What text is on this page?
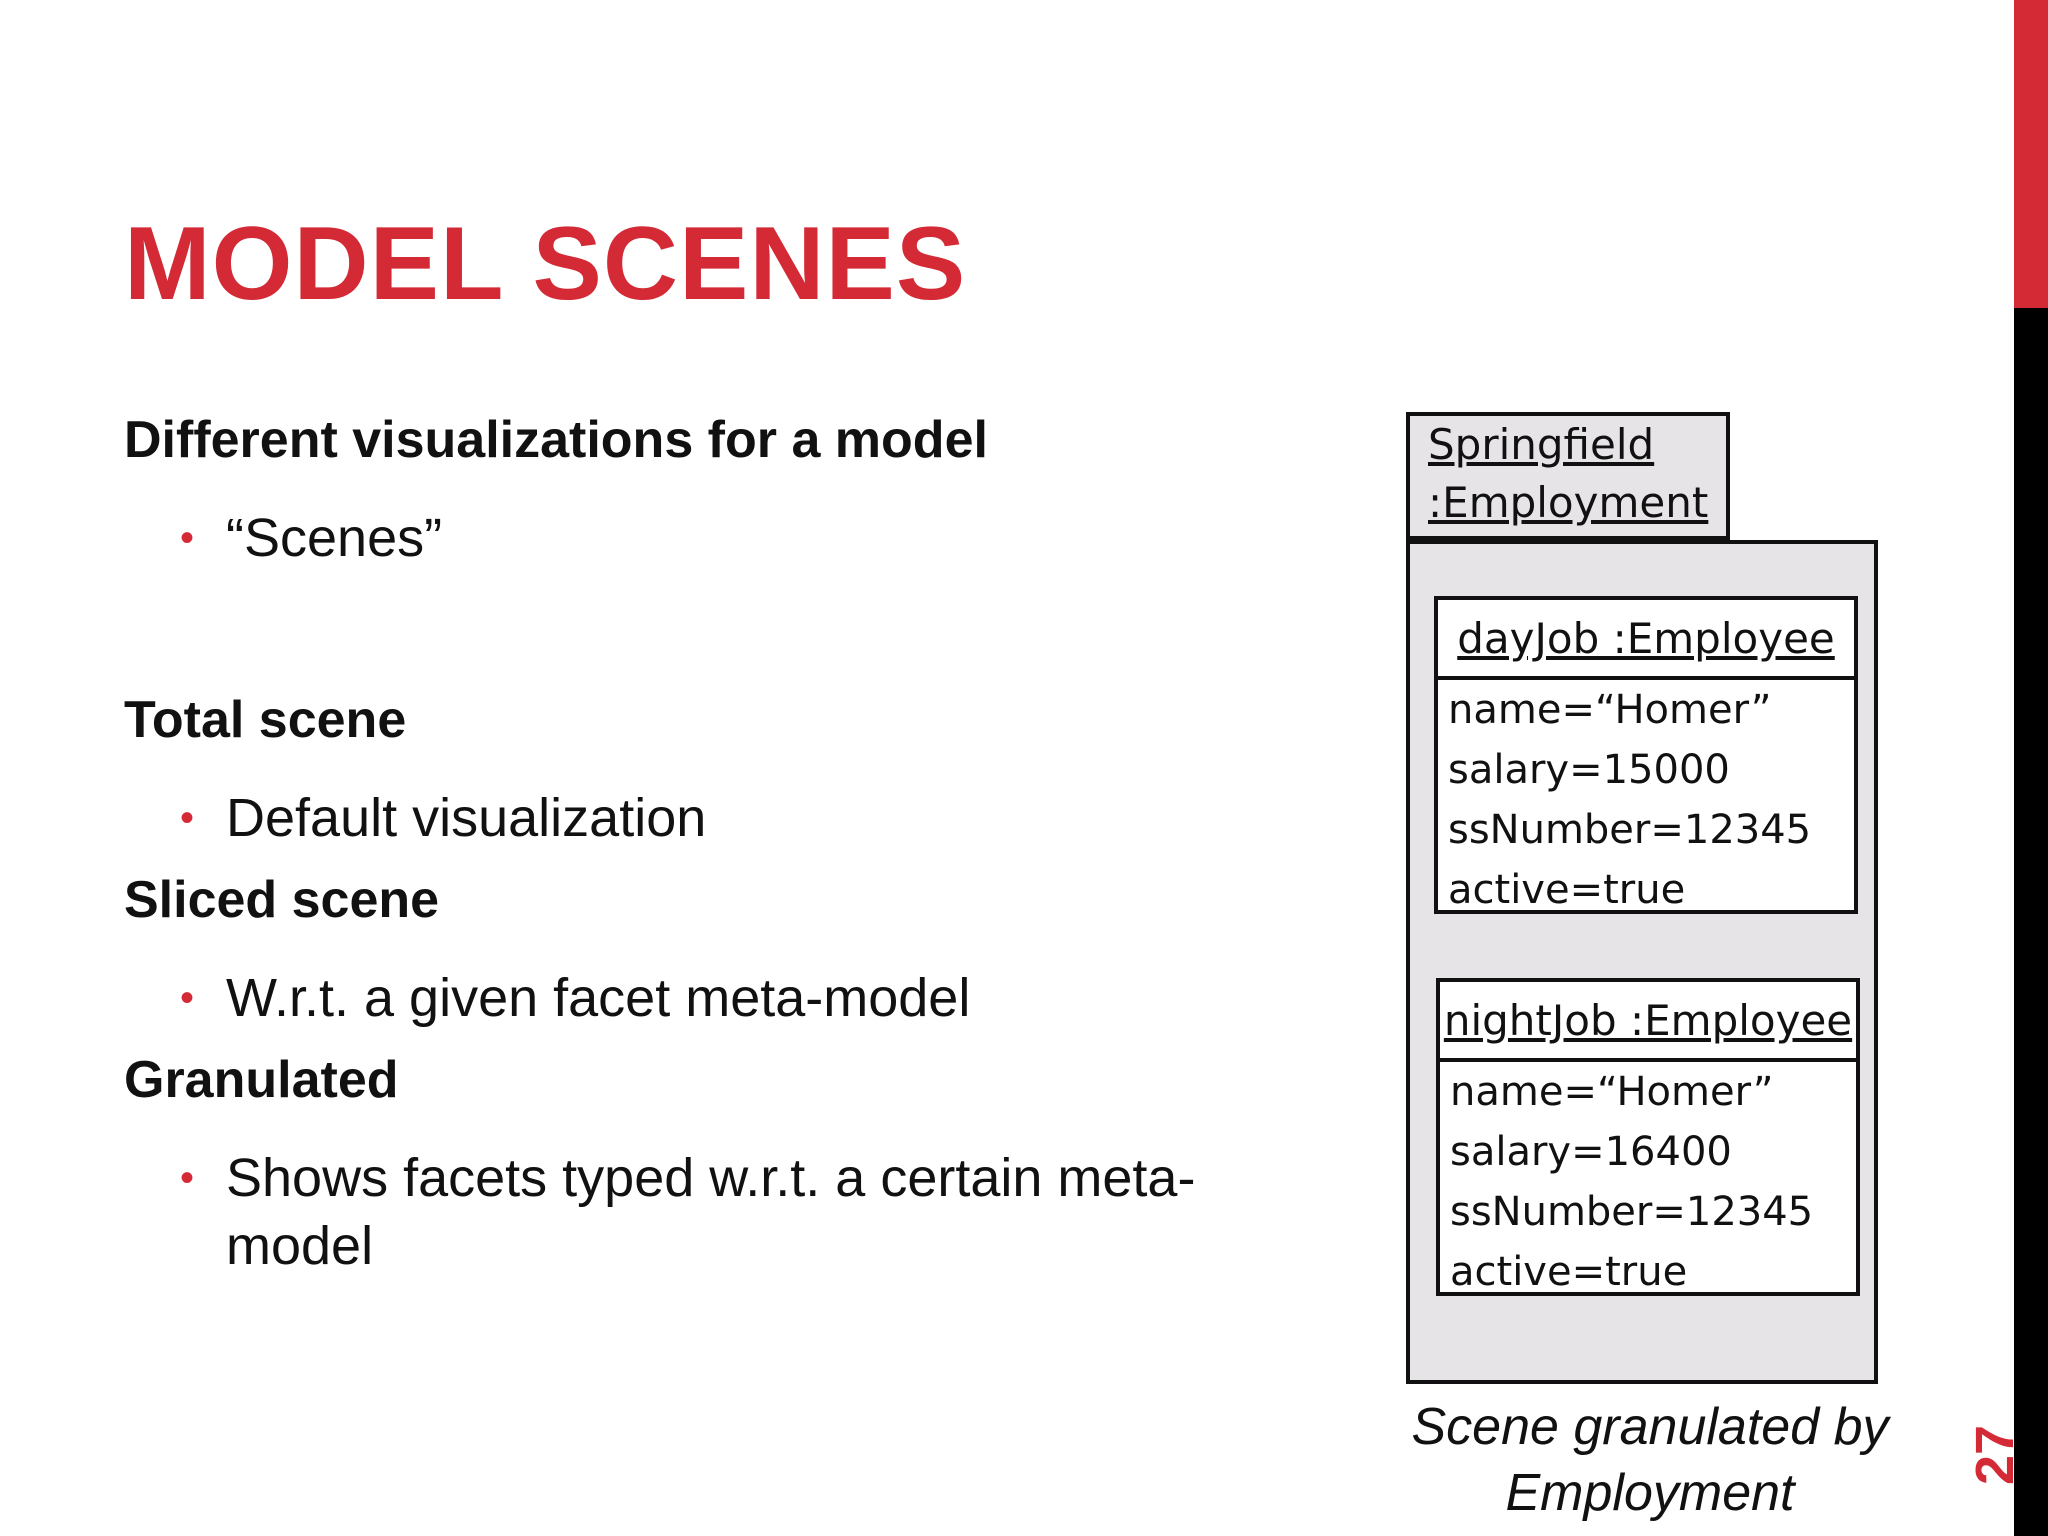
27
MODEL SCENES
Different visualizations for a model
• “Scenes”
Total scene
• Default visualization
Sliced scene
• W.r.t. a given facet meta-model
Granulated
• Shows facets typed w.r.t. a certain meta-
model
Springfield
:Employment
dayJob :Employee
name=“Homer”
salary=15000
ssNumber=12345
active=true
nightJob :Employee
name=“Homer”
salary=16400
ssNumber=12345
active=true
Scene granulated by
Employment
